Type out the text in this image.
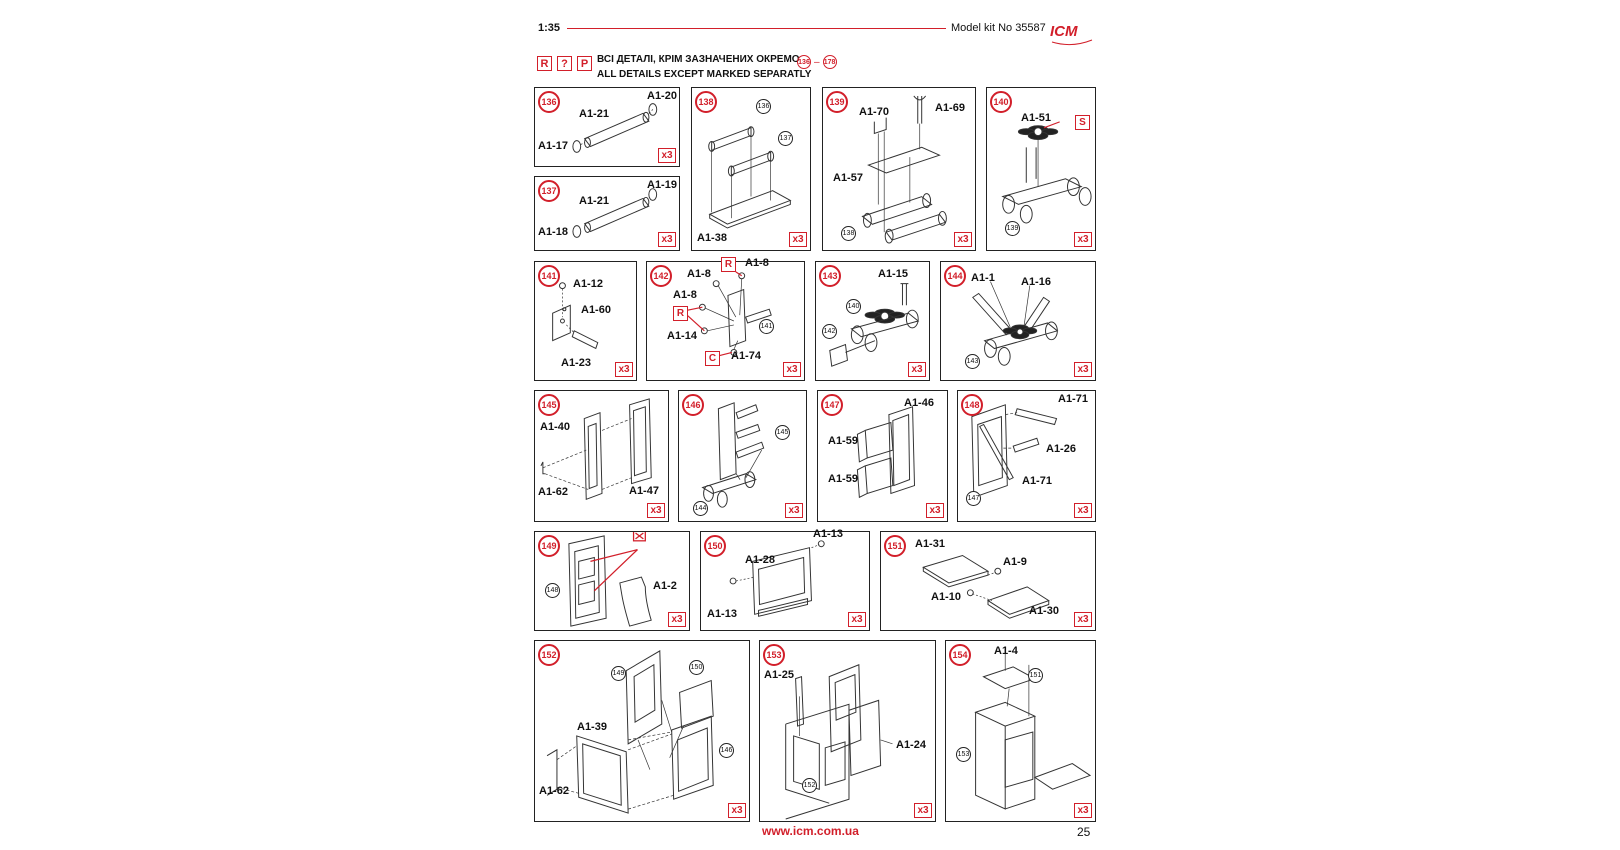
1:35	Model kit No 35587 ICM
R	?	P ВСІ ДЕТАЛІ, КРІМ ЗАЗНАЧЕНИХ ОКРЕМО
ALL DETAILS EXCEPT MARKED SEPARATLY
136 – 178
136	A1-20
A1-21
A1-17
x3
137	A1-19
A1-21
A1-18
x3
138	136
137
A1-38	x3
139
A1-70	A1-69
A1-57
138
x3
140
A1-51	S
139
x3
141
A1-12
A1-60
A1-23
x3
142	A1-8
A1-8
A1-8
A1-14
A1-74
R
R
C
141
x3
143	A1-15
140
142
x3
144 A1-1 A1-16
143
x3
145
A1-40
A1-62	A1-47
x3
146
145
144	x3
147	A1-46
A1-59
A1-59
x3
148	A1-71
A1-26
A1-71
147
x3
149
A1-2
148
x3
150
A1-13
A1-28
A1-13	x3
151	A1-31
A1-9
A1-10
A1-30
x3
152
149
150
146
A1-39
A1-62
x3
153
A1-25
A1-24
152
x3
154	A1-4
151
153
x3
www.icm.com.ua	25
